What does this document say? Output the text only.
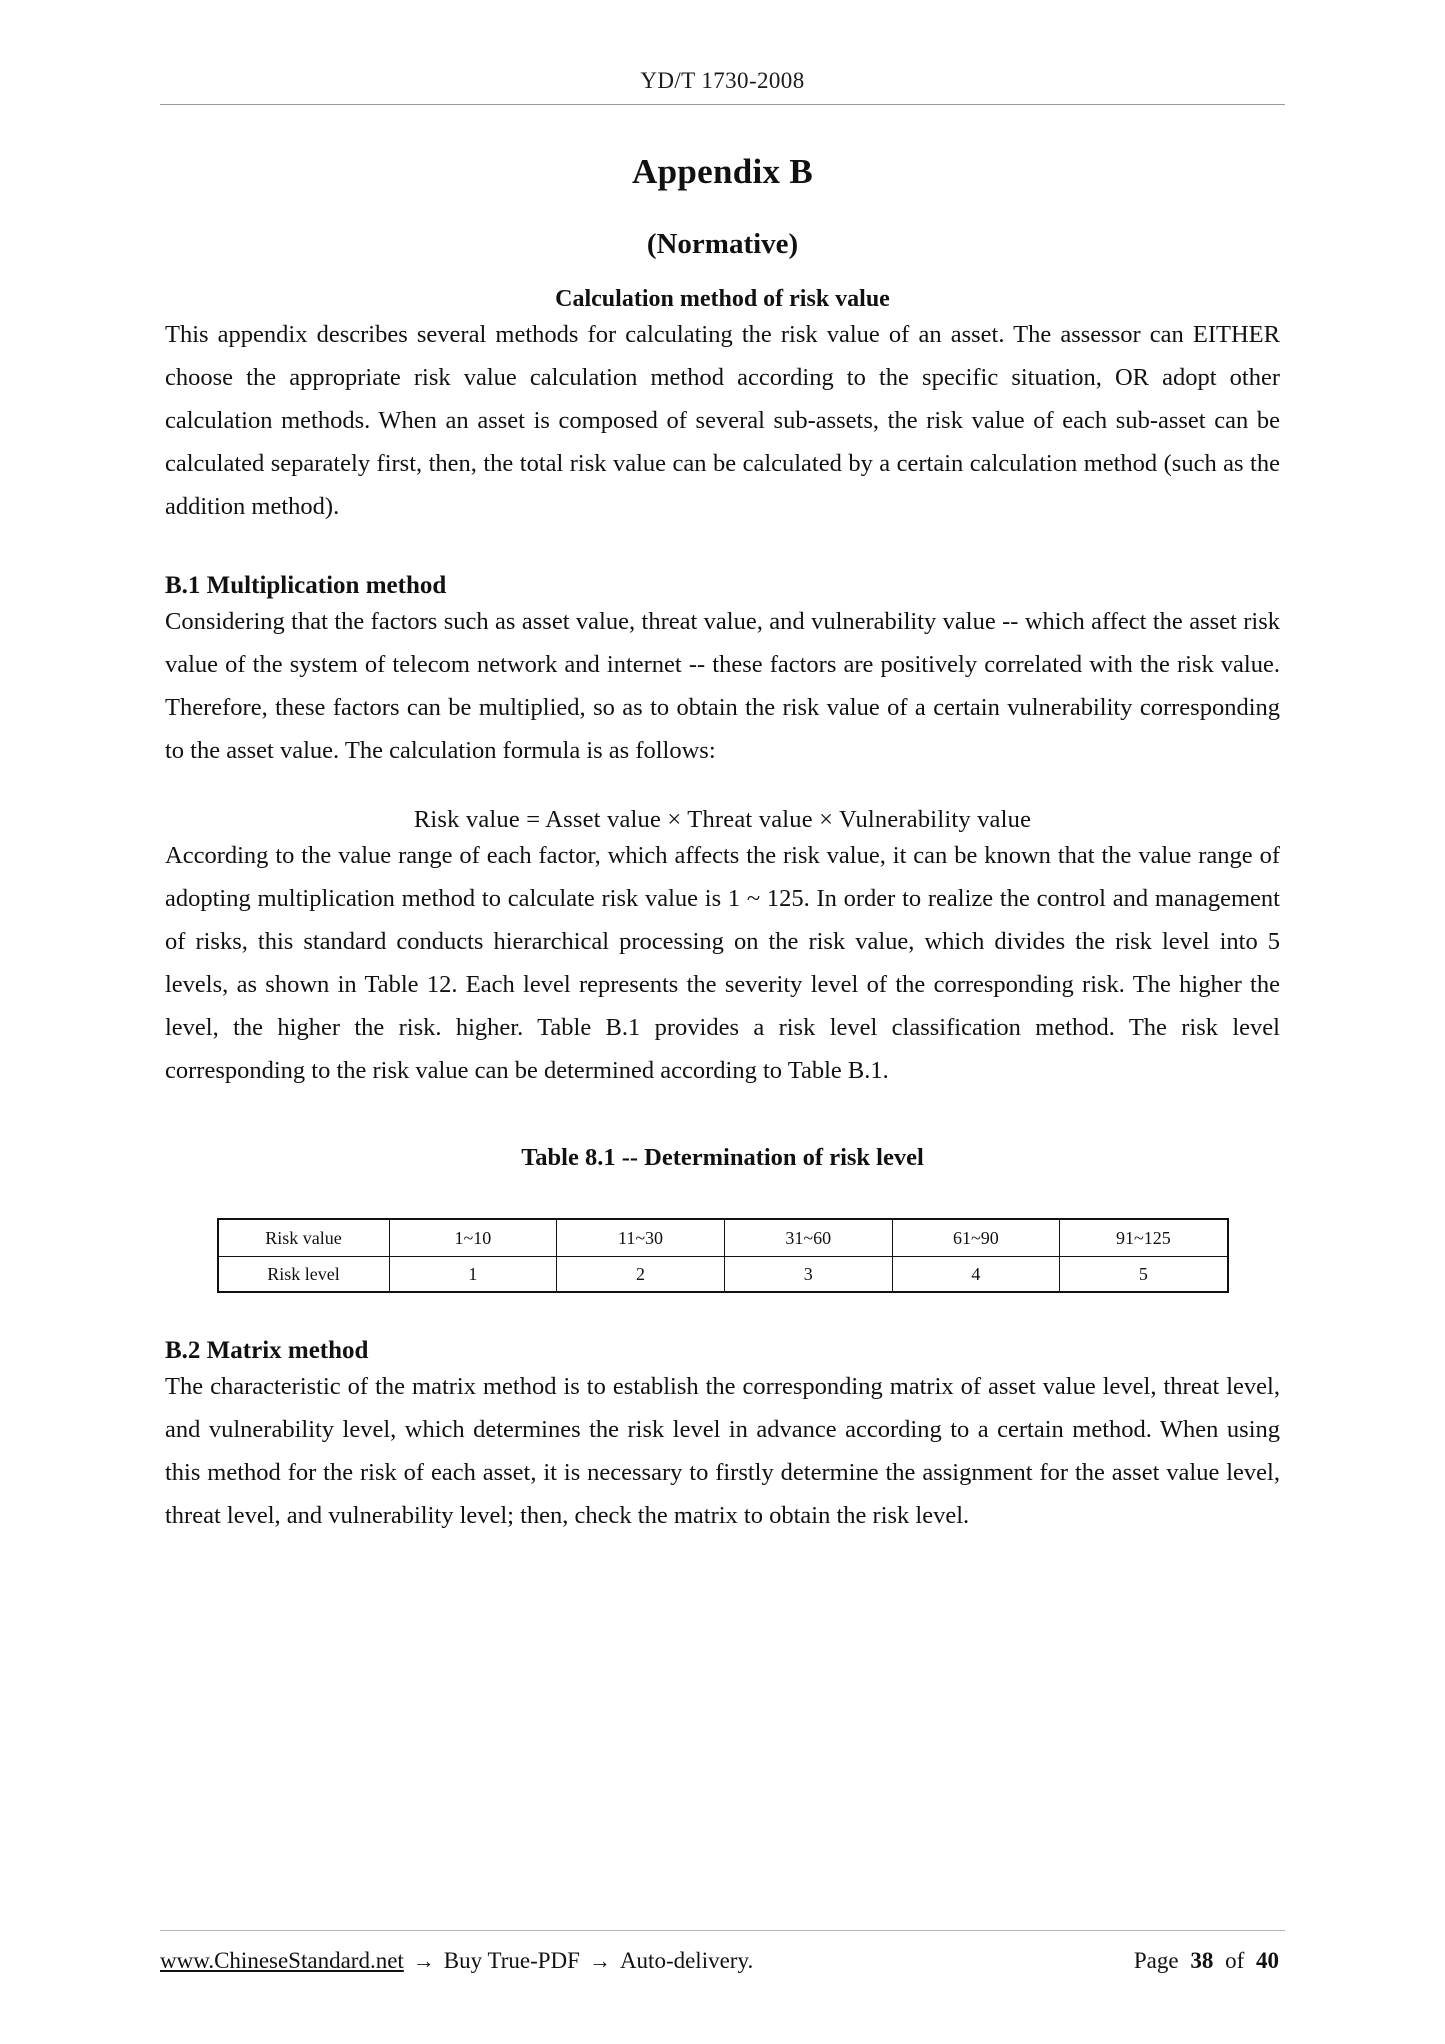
YD/T 1730-2008
Appendix B
(Normative)
Calculation method of risk value

This appendix describes several methods for calculating the risk value of an asset. The assessor can EITHER choose the appropriate risk value calculation method according to the specific situation, OR adopt other calculation methods. When an asset is composed of several sub-assets, the risk value of each sub-asset can be calculated separately first, then, the total risk value can be calculated by a certain calculation method (such as the addition method).

B.1 Multiplication method

Considering that the factors such as asset value, threat value, and vulnerability value -- which affect the asset risk value of the system of telecom network and internet -- these factors are positively correlated with the risk value. Therefore, these factors can be multiplied, so as to obtain the risk value of a certain vulnerability corresponding to the asset value. The calculation formula is as follows:

Risk value = Asset value × Threat value × Vulnerability value

According to the value range of each factor, which affects the risk value, it can be known that the value range of adopting multiplication method to calculate risk value is 1 ~ 125. In order to realize the control and management of risks, this standard conducts hierarchical processing on the risk value, which divides the risk level into 5 levels, as shown in Table 12. Each level represents the severity level of the corresponding risk. The higher the level, the higher the risk. higher. Table B.1 provides a risk level classification method. The risk level corresponding to the risk value can be determined according to Table B.1.

Table 8.1 -- Determination of risk level
Risk value	1~10	11~30	31~60	61~90	91~125
Risk level	1	2	3	4	5
B.2 Matrix method

The characteristic of the matrix method is to establish the corresponding matrix of asset value level, threat level, and vulnerability level, which determines the risk level in advance according to a certain method. When using this method for the risk of each asset, it is necessary to firstly determine the assignment for the asset value level, threat level, and vulnerability level; then, check the matrix to obtain the risk level.

www.ChineseStandard.net → Buy True-PDF → Auto-delivery.	Page 38 of 40
